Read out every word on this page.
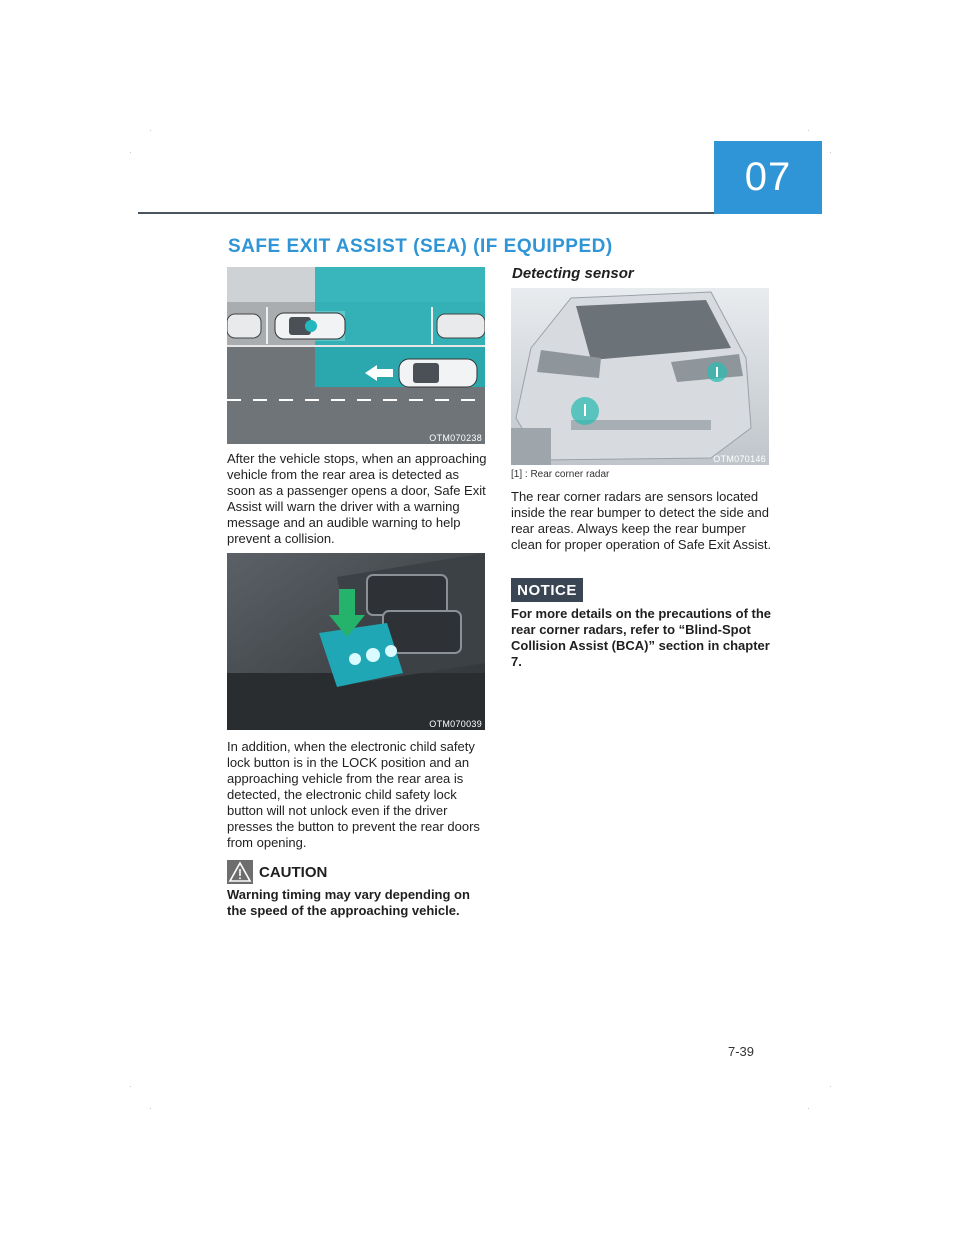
07
SAFE EXIT ASSIST (SEA) (IF EQUIPPED)
OTM070238

After the vehicle stops, when an approaching vehicle from the rear area is detected as soon as a passenger opens a door, Safe Exit Assist will warn the driver with a warning message and an audible warning to help prevent a collision.

OTM070039

In addition, when the electronic child safety lock button is in the LOCK position and an approaching vehicle from the rear area is detected, the electronic child safety lock button will not unlock even if the driver presses the button to prevent the rear doors from opening.

CAUTION

Warning timing may vary depending on the speed of the approaching vehicle.

Detecting sensor
OTM070146
[1] : Rear corner radar

The rear corner radars are sensors located inside the rear bumper to detect the side and rear areas. Always keep the rear bumper clean for proper operation of Safe Exit Assist.

NOTICE

For more details on the precautions of the rear corner radars, refer to “Blind-Spot Collision Assist (BCA)” section in chapter 7.

7-39
